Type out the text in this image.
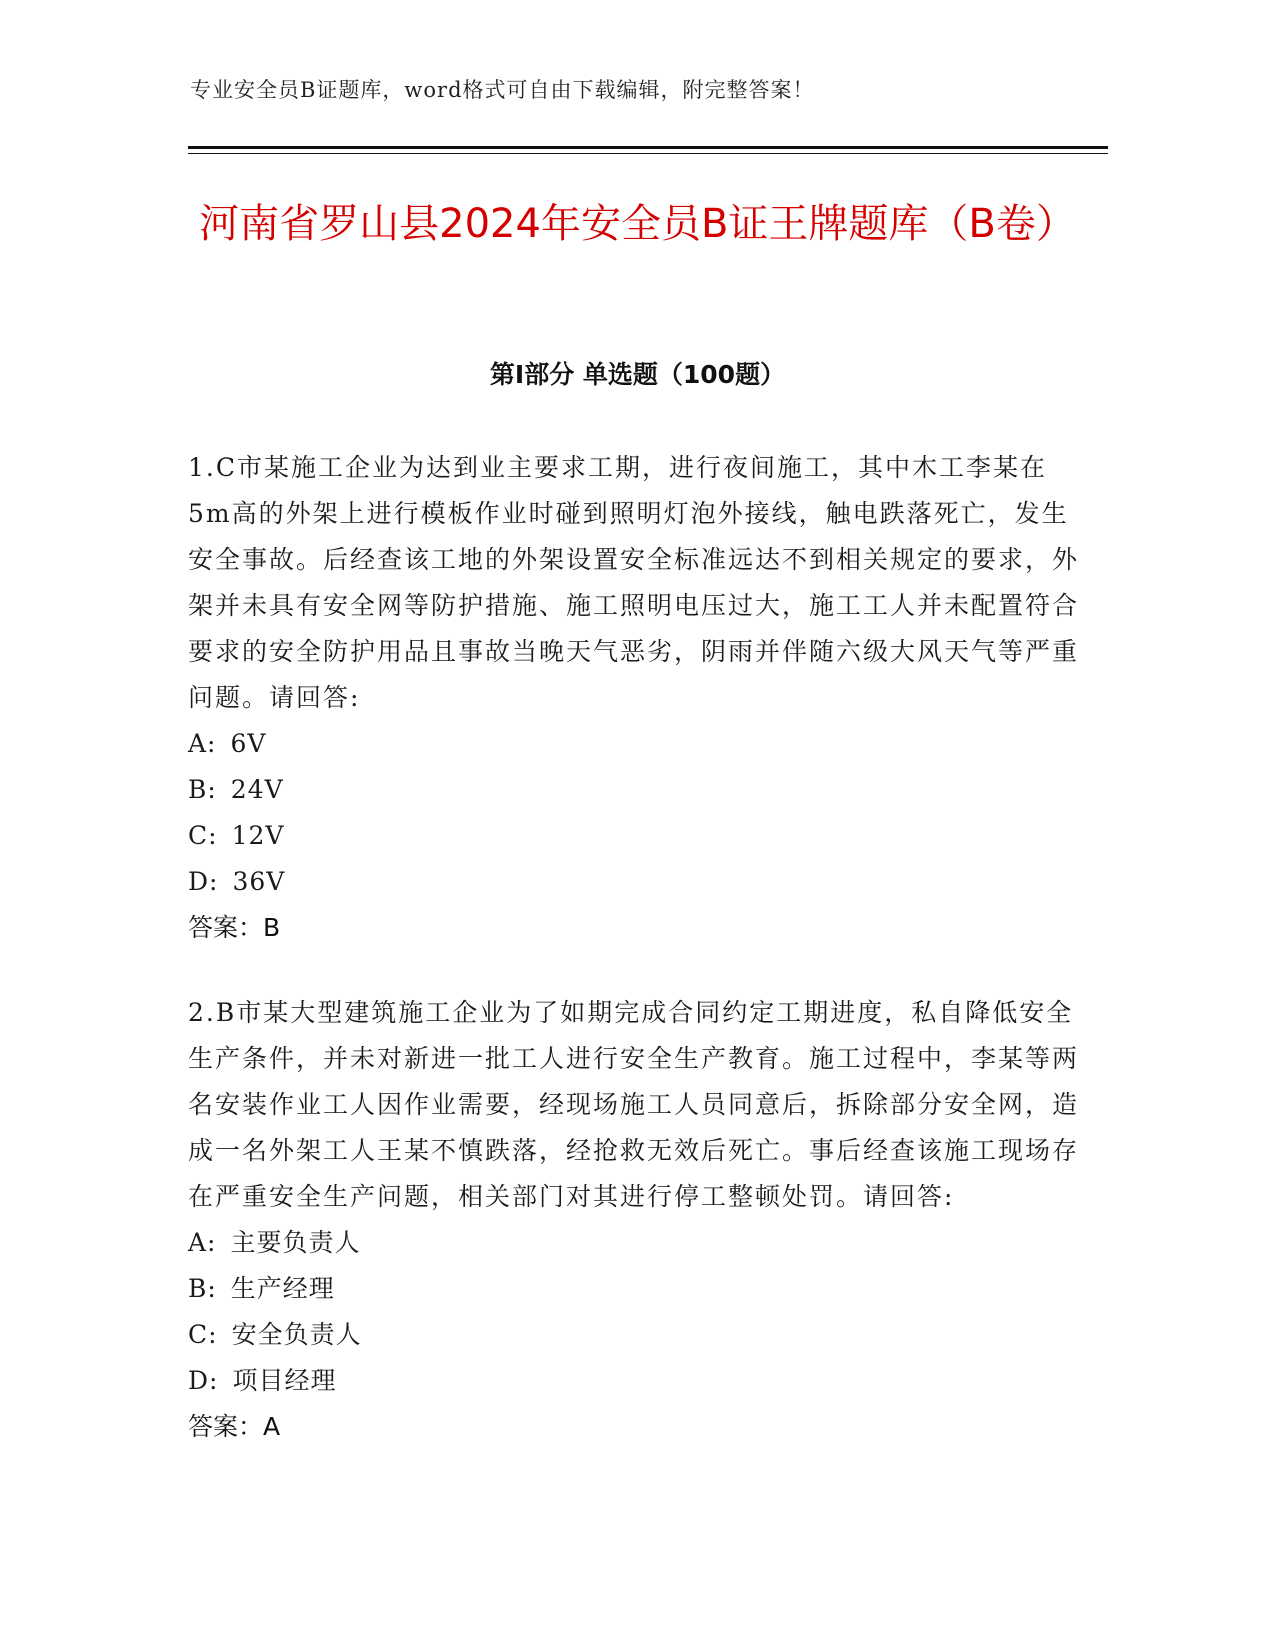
专业安全员B证题库，word格式可自由下载编辑，附完整答案！
河南省罗山县2024年安全员B证王牌题库（B卷）
第Ⅰ部分 单选题（100题）

1.C市某施工企业为达到业主要求工期，进行夜间施工，其中木工李某在5m高的外架上进行模板作业时碰到照明灯泡外接线，触电跌落死亡，发生安全事故。后经查该工地的外架设置安全标准远达不到相关规定的要求，外架并未具有安全网等防护措施、施工照明电压过大，施工工人并未配置符合要求的安全防护用品且事故当晚天气恶劣，阴雨并伴随六级大风天气等严重问题。请回答:

A: 6V
B: 24V
C: 12V
D: 36V
答案：B

2.B市某大型建筑施工企业为了如期完成合同约定工期进度，私自降低安全生产条件，并未对新进一批工人进行安全生产教育。施工过程中，李某等两名安装作业工人因作业需要，经现场施工人员同意后，拆除部分安全网，造成一名外架工人王某不慎跌落，经抢救无效后死亡。事后经查该施工现场存在严重安全生产问题，相关部门对其进行停工整顿处罚。请回答:

A: 主要负责人
B: 生产经理
C: 安全负责人
D: 项目经理
答案：A
